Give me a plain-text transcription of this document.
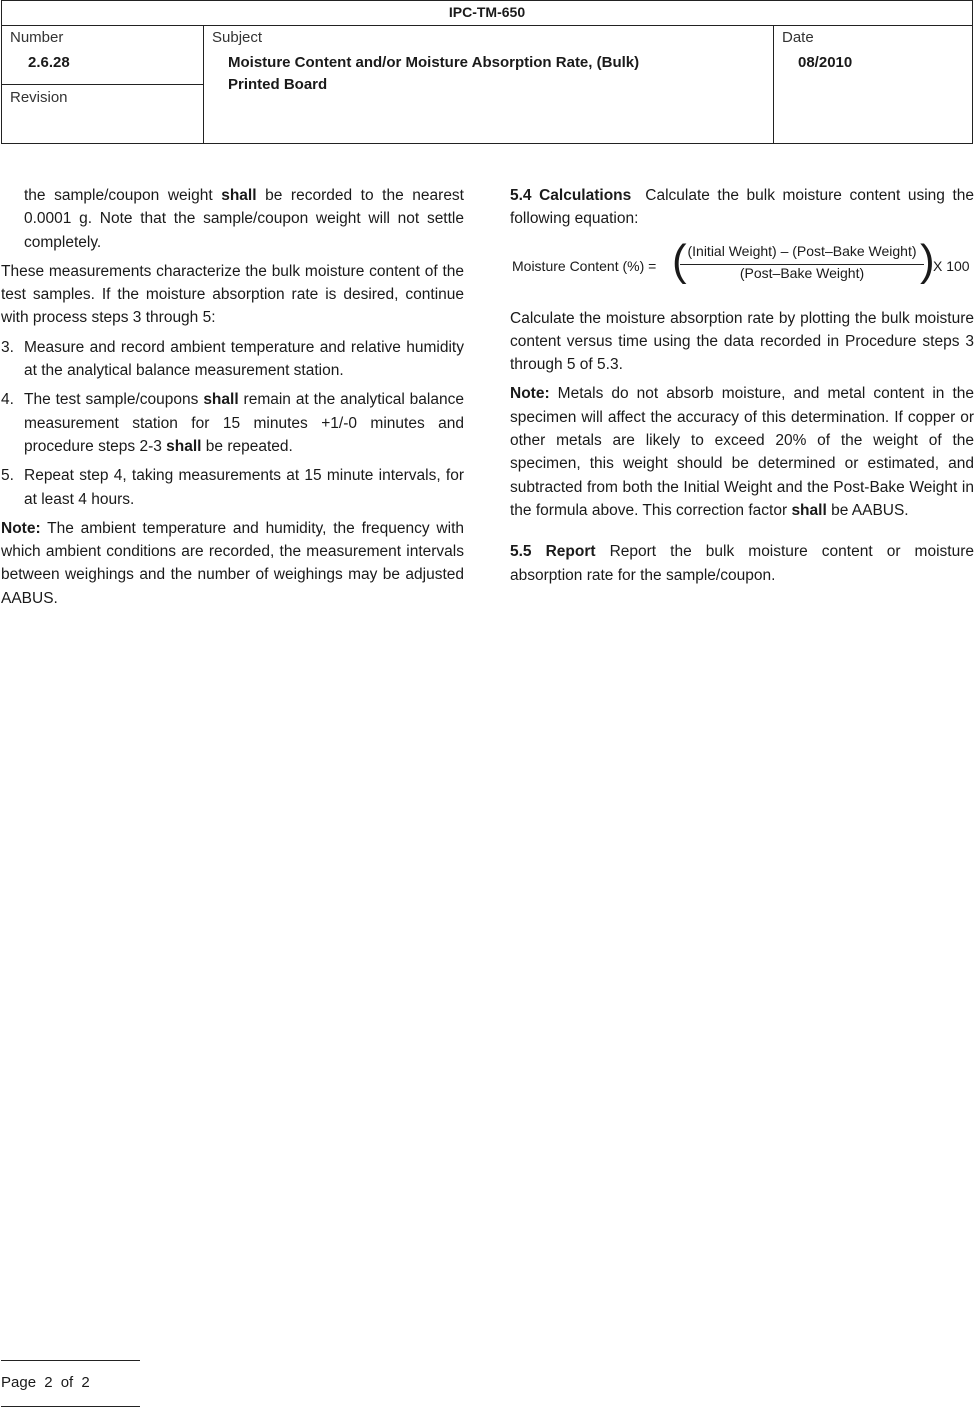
IPC-TM-650
Number
2.6.28
Revision
Subject
Moisture Content and/or Moisture Absorption Rate, (Bulk)
Printed Board
Date
08/2010

the sample/coupon weight shall be recorded to the nearest 0.0001 g. Note that the sample/coupon weight will not settle completely.

These measurements characterize the bulk moisture content of the test samples. If the moisture absorption rate is desired, continue with process steps 3 through 5:

3. Measure and record ambient temperature and relative humidity at the analytical balance measurement station.
4. The test sample/coupons shall remain at the analytical balance measurement station for 15 minutes +1/-0 minutes and procedure steps 2-3 shall be repeated.
5. Repeat step 4, taking measurements at 15 minute intervals, for at least 4 hours.

Note: The ambient temperature and humidity, the frequency with which ambient conditions are recorded, the measurement intervals between weighings and the number of weighings may be adjusted AABUS.

5.4 Calculations Calculate the bulk moisture content using the following equation:

Moisture Content (%) = ( (Initial Weight) – (Post–Bake Weight)
(Post–Bake Weight)	)
X 100

Calculate the moisture absorption rate by plotting the bulk moisture content versus time using the data recorded in Procedure steps 3 through 5 of 5.3.

Note: Metals do not absorb moisture, and metal content in the specimen will affect the accuracy of this determination. If copper or other metals are likely to exceed 20% of the weight of the specimen, this weight should be determined or estimated, and subtracted from both the Initial Weight and the Post-Bake Weight in the formula above. This correction factor shall be AABUS.

5.5 Report Report the bulk moisture content or moisture absorption rate for the sample/coupon.

Page 2 of 2
